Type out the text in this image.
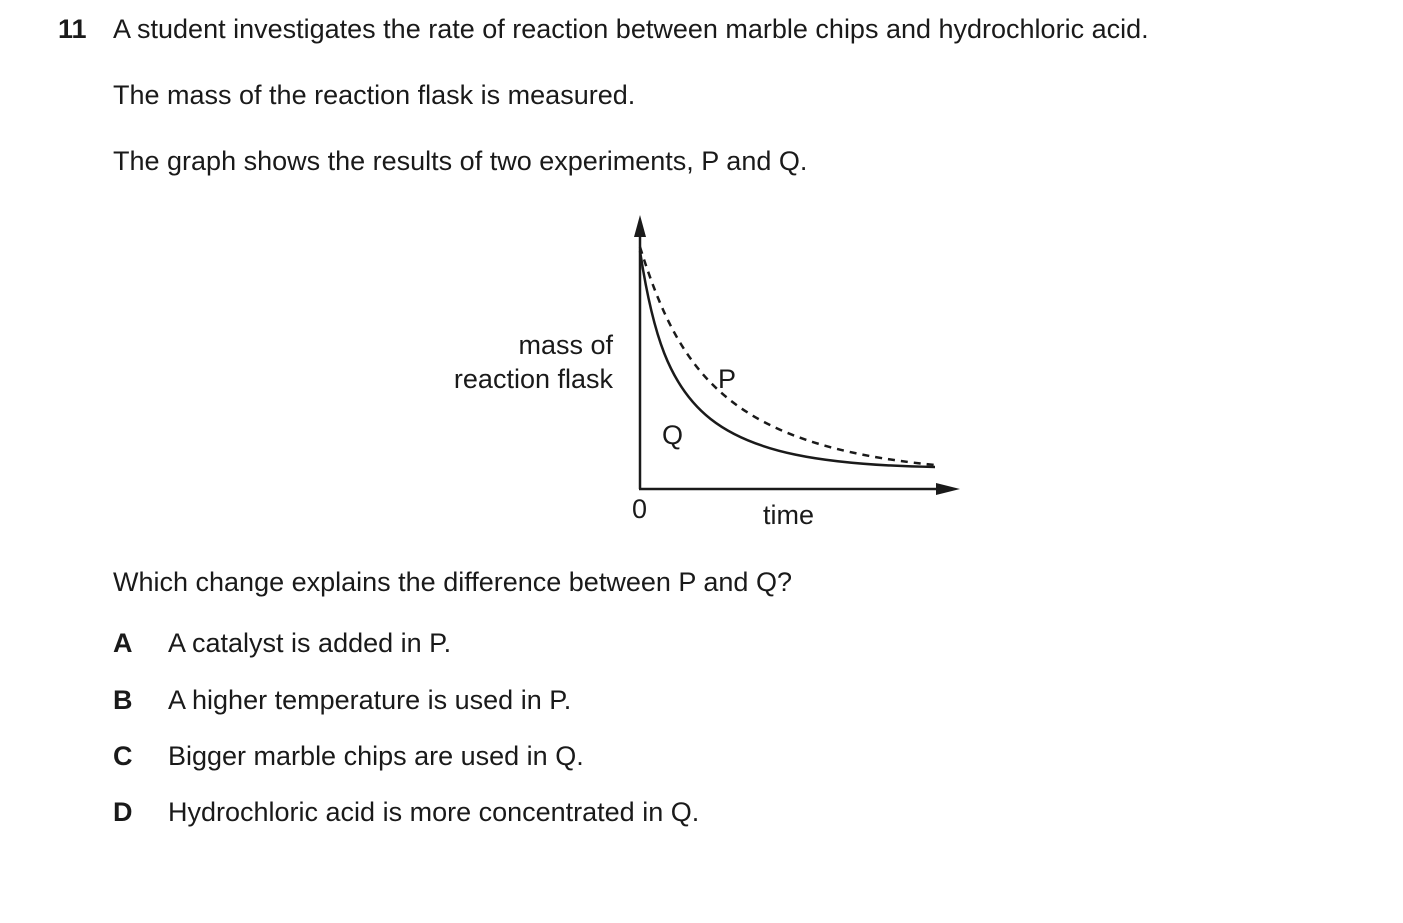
11 A student investigates the rate of reaction between marble chips and hydrochloric acid.
The mass of the reaction flask is measured.
The graph shows the results of two experiments, P and Q.
P
Q
mass of
reaction flask
0	time
Which change explains the difference between P and Q?
A A catalyst is added in P.
B A higher temperature is used in P.
C Bigger marble chips are used in Q.
D Hydrochloric acid is more concentrated in Q.
